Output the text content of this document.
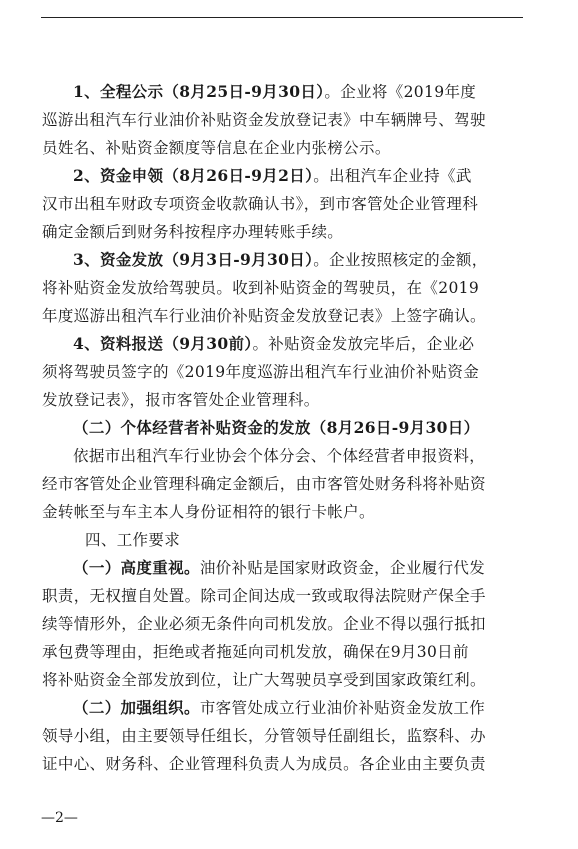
1、全程公示（8月25日-9月30日）。企业将《2019年度
巡游出租汽车行业油价补贴资金发放登记表》中车辆牌号、驾驶
员姓名、补贴资金额度等信息在企业内张榜公示。
2、资金申领（8月26日-9月2日）。出租汽车企业持《武
汉市出租车财政专项资金收款确认书》，到市客管处企业管理科
确定金额后到财务科按程序办理转账手续。
3、资金发放（9月3日-9月30日）。企业按照核定的金额，
将补贴资金发放给驾驶员。收到补贴资金的驾驶员，在《2019
年度巡游出租汽车行业油价补贴资金发放登记表》上签字确认。
4、资料报送（9月30前）。补贴资金发放完毕后，企业必
须将驾驶员签字的《2019年度巡游出租汽车行业油价补贴资金
发放登记表》，报市客管处企业管理科。
（二）个体经营者补贴资金的发放（8月26日-9月30日）
依据市出租汽车行业协会个体分会、个体经营者申报资料，
经市客管处企业管理科确定金额后，由市客管处财务科将补贴资
金转帐至与车主本人身份证相符的银行卡帐户。
四、工作要求
（一）高度重视。油价补贴是国家财政资金，企业履行代发
职责，无权擅自处置。除司企间达成一致或取得法院财产保全手
续等情形外，企业必须无条件向司机发放。企业不得以强行抵扣
承包费等理由，拒绝或者拖延向司机发放，确保在9月30日前
将补贴资金全部发放到位，让广大驾驶员享受到国家政策红利。
（二）加强组织。市客管处成立行业油价补贴资金发放工作
领导小组，由主要领导任组长，分管领导任副组长，监察科、办
证中心、财务科、企业管理科负责人为成员。各企业由主要负责
—2—
